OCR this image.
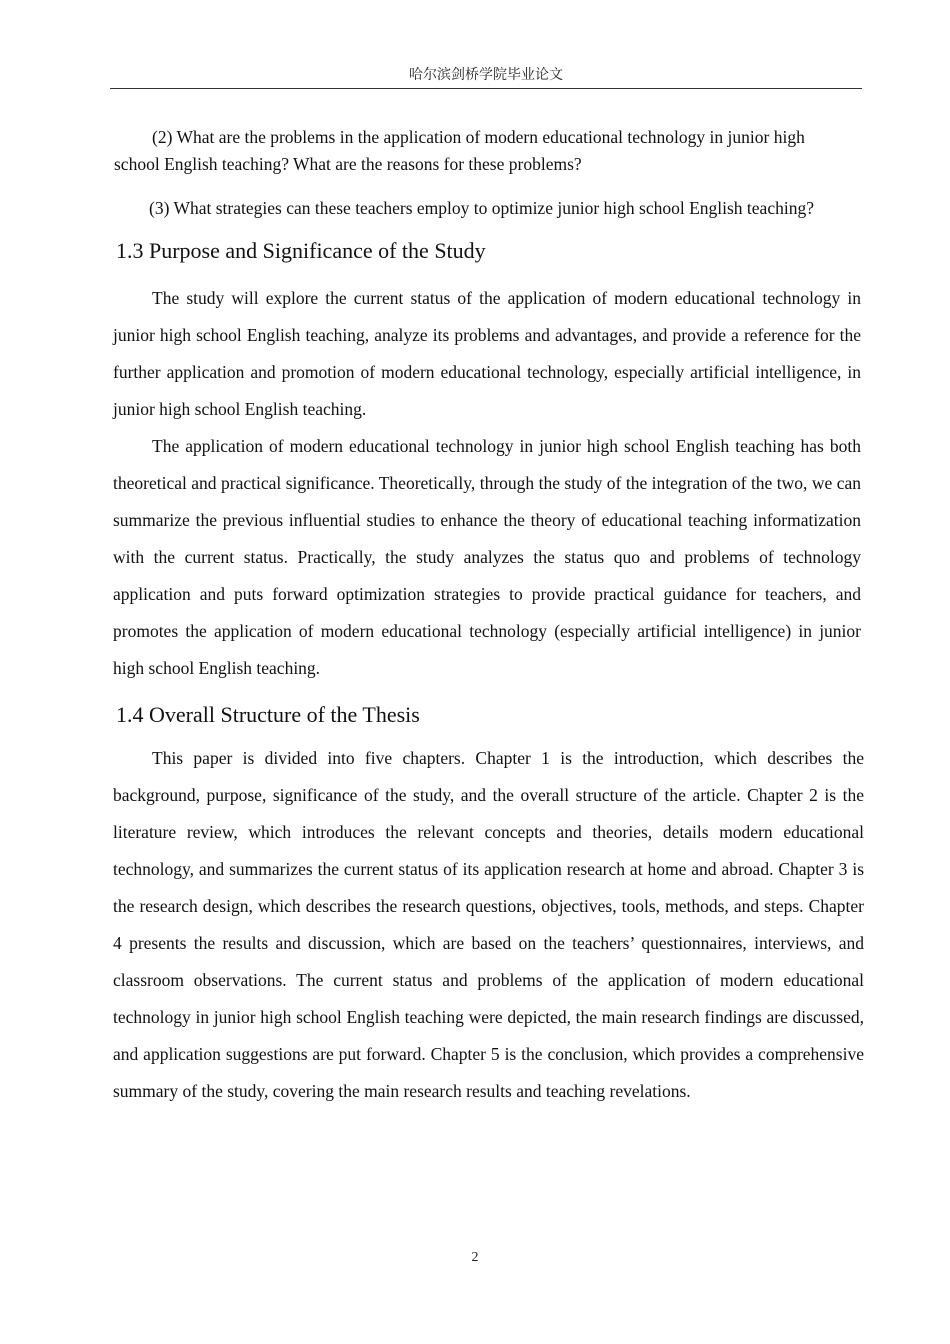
哈尔滨剑桥学院毕业论文

(2) What are the problems in the application of modern educational technology in junior high school English teaching? What are the reasons for these problems?

(3) What strategies can these teachers employ to optimize junior high school English teaching?

1.3 Purpose and Significance of the Study

The study will explore the current status of the application of modern educational technology in junior high school English teaching, analyze its problems and advantages, and provide a reference for the further application and promotion of modern educational technology, especially artificial intelligence, in junior high school English teaching.

The application of modern educational technology in junior high school English teaching has both theoretical and practical significance. Theoretically, through the study of the integration of the two, we can summarize the previous influential studies to enhance the theory of educational teaching informatization with the current status. Practically, the study analyzes the status quo and problems of technology application and puts forward optimization strategies to provide practical guidance for teachers, and promotes the application of modern educational technology (especially artificial intelligence) in junior high school English teaching.

1.4 Overall Structure of the Thesis

This paper is divided into five chapters. Chapter 1 is the introduction, which describes the background, purpose, significance of the study, and the overall structure of the article. Chapter 2 is the literature review, which introduces the relevant concepts and theories, details modern educational technology, and summarizes the current status of its application research at home and abroad. Chapter 3 is the research design, which describes the research questions, objectives, tools, methods, and steps. Chapter 4 presents the results and discussion, which are based on the teachers’ questionnaires, interviews, and classroom observations. The current status and problems of the application of modern educational technology in junior high school English teaching were depicted, the main research findings are discussed, and application suggestions are put forward. Chapter 5 is the conclusion, which provides a comprehensive summary of the study, covering the main research results and teaching revelations.

2
